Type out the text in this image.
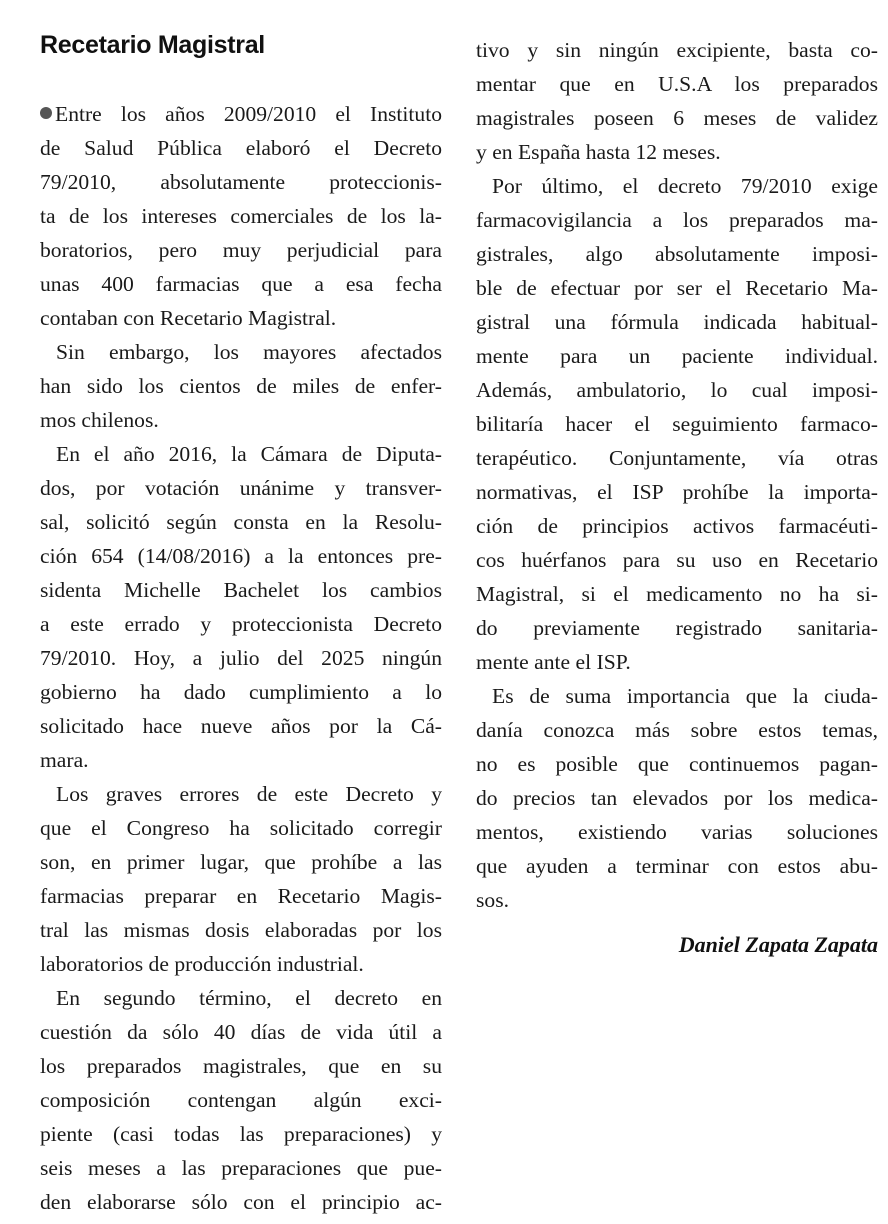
Recetario Magistral
Entre los años 2009/2010 el Instituto
de Salud Pública elaboró el Decreto
79/2010, absolutamente proteccionis-
ta de los intereses comerciales de los la-
boratorios, pero muy perjudicial para
unas 400 farmacias que a esa fecha
contaban con Recetario Magistral.
Sin embargo, los mayores afectados
han sido los cientos de miles de enfer-
mos chilenos.
En el año 2016, la Cámara de Diputa-
dos, por votación unánime y transver-
sal, solicitó según consta en la Resolu-
ción 654 (14/08/2016) a la entonces pre-
sidenta Michelle Bachelet los cambios
a este errado y proteccionista Decreto
79/2010. Hoy, a julio del 2025 ningún
gobierno ha dado cumplimiento a lo
solicitado hace nueve años por la Cá-
mara.
Los graves errores de este Decreto y
que el Congreso ha solicitado corregir
son, en primer lugar, que prohíbe a las
farmacias preparar en Recetario Magis-
tral las mismas dosis elaboradas por los
laboratorios de producción industrial.
En segundo término, el decreto en
cuestión da sólo 40 días de vida útil a
los preparados magistrales, que en su
composición contengan algún exci-
piente (casi todas las preparaciones) y
seis meses a las preparaciones que pue-
den elaborarse sólo con el principio ac-
tivo y sin ningún excipiente, basta co-
mentar que en U.S.A los preparados
magistrales poseen 6 meses de validez
y en España hasta 12 meses.
Por último, el decreto 79/2010 exige
farmacovigilancia a los preparados ma-
gistrales, algo absolutamente imposi-
ble de efectuar por ser el Recetario Ma-
gistral una fórmula indicada habitual-
mente para un paciente individual.
Además, ambulatorio, lo cual imposi-
bilitaría hacer el seguimiento farmaco-
terapéutico. Conjuntamente, vía otras
normativas, el ISP prohíbe la importa-
ción de principios activos farmacéuti-
cos huérfanos para su uso en Recetario
Magistral, si el medicamento no ha si-
do previamente registrado sanitaria-
mente ante el ISP.
Es de suma importancia que la ciuda-
danía conozca más sobre estos temas,
no es posible que continuemos pagan-
do precios tan elevados por los medica-
mentos, existiendo varias soluciones
que ayuden a terminar con estos abu-
sos.
Daniel Zapata Zapata
